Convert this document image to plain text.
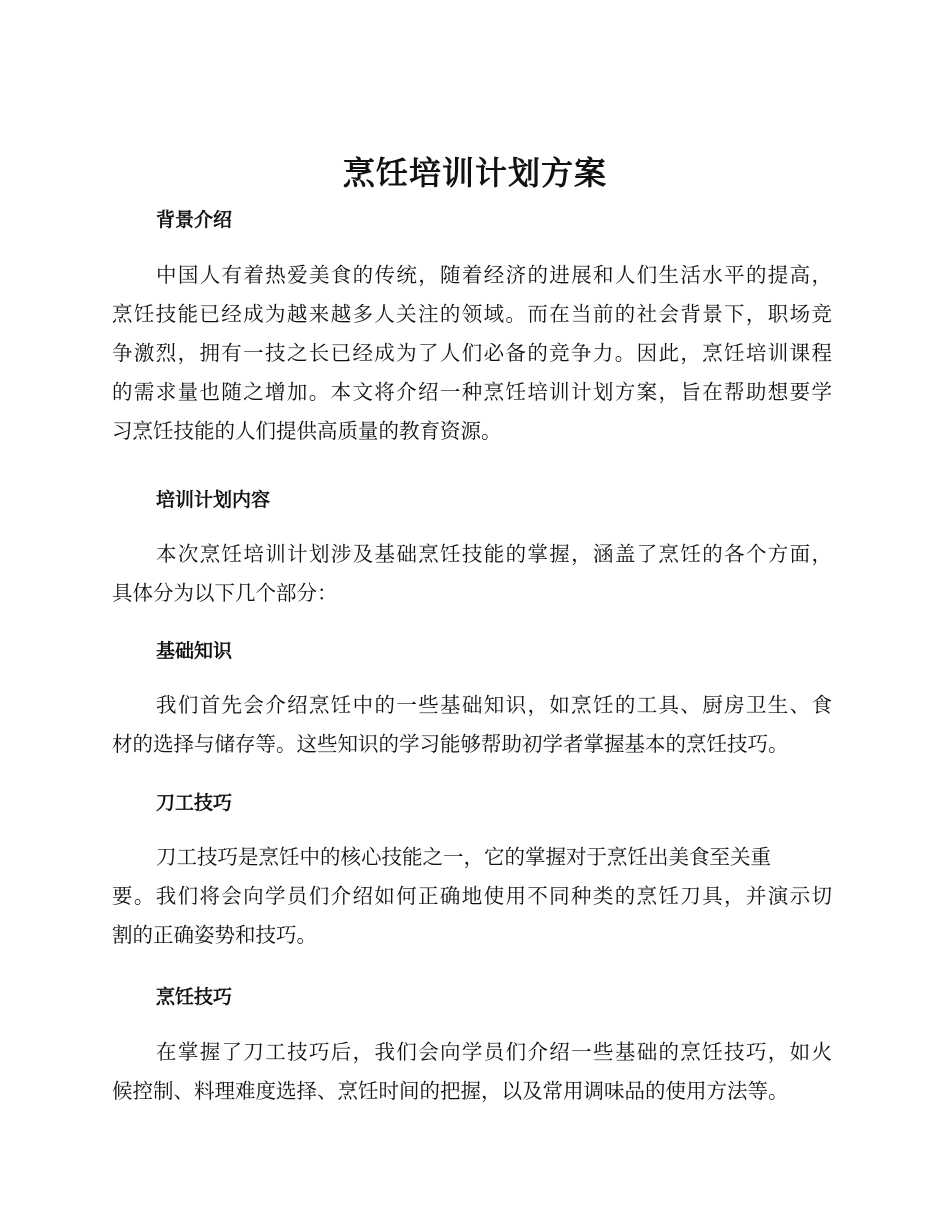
烹饪培训计划方案
背景介绍
中国人有着热爱美食的传统，随着经济的进展和人们生活水平的提高，
烹饪技能已经成为越来越多人关注的领域。而在当前的社会背景下，职场竞
争激烈，拥有一技之长已经成为了人们必备的竞争力。因此，烹饪培训课程
的需求量也随之增加。本文将介绍一种烹饪培训计划方案，旨在帮助想要学
习烹饪技能的人们提供高质量的教育资源。
培训计划内容
本次烹饪培训计划涉及基础烹饪技能的掌握，涵盖了烹饪的各个方面，
具体分为以下几个部分：
基础知识
我们首先会介绍烹饪中的一些基础知识，如烹饪的工具、厨房卫生、食
材的选择与储存等。这些知识的学习能够帮助初学者掌握基本的烹饪技巧。
刀工技巧
刀工技巧是烹饪中的核心技能之一，它的掌握对于烹饪出美食至关重
要。我们将会向学员们介绍如何正确地使用不同种类的烹饪刀具，并演示切
割的正确姿势和技巧。
烹饪技巧
在掌握了刀工技巧后，我们会向学员们介绍一些基础的烹饪技巧，如火
候控制、料理难度选择、烹饪时间的把握，以及常用调味品的使用方法等。
